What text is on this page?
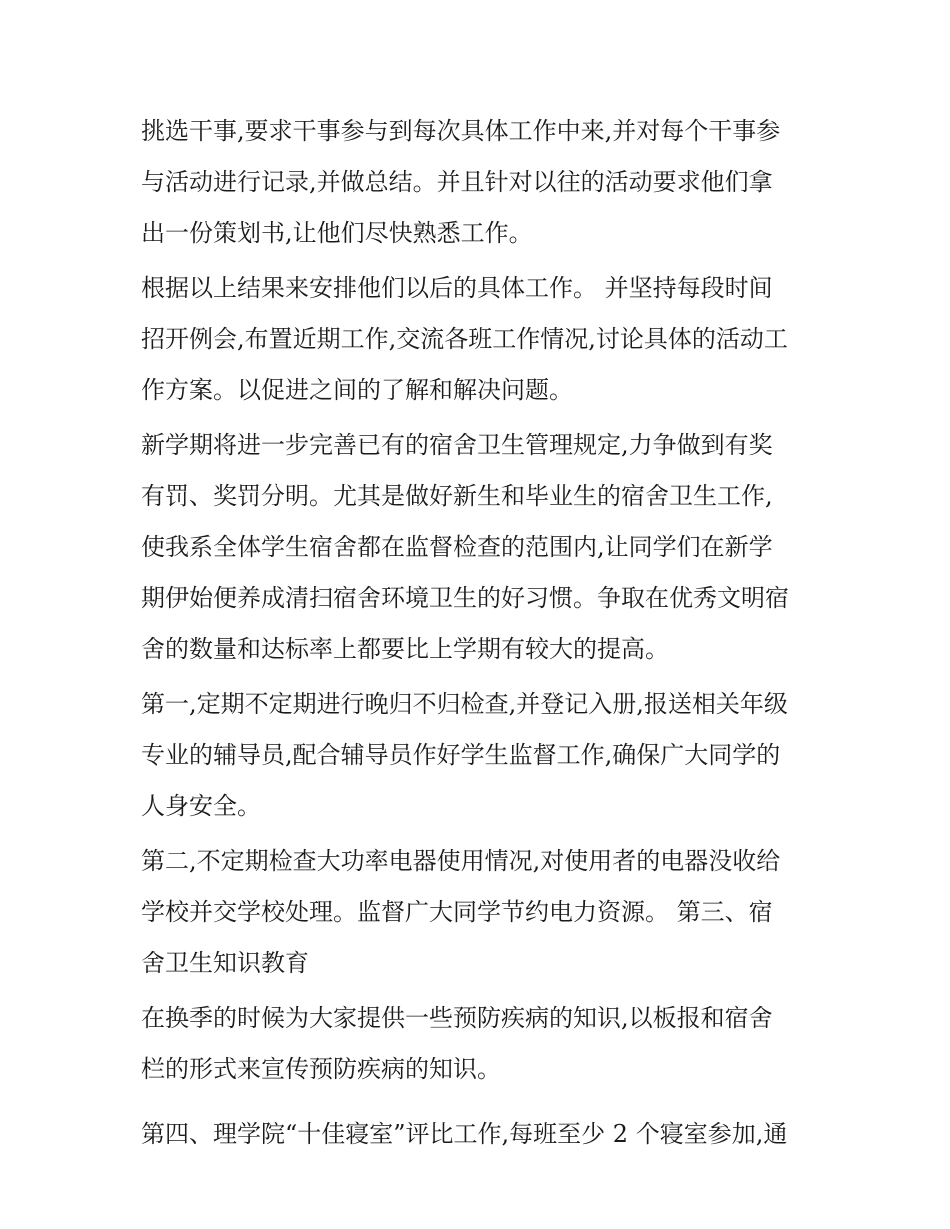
挑选干事,要求干事参与到每次具体工作中来,并对每个干事参
与活动进行记录,并做总结。并且针对以往的活动要求他们拿
出一份策划书,让他们尽快熟悉工作。
根据以上结果来安排他们以后的具体工作。 并坚持每段时间
招开例会,布置近期工作,交流各班工作情况,讨论具体的活动工
作方案。以促进之间的了解和解决问题。
新学期将进一步完善已有的宿舍卫生管理规定,力争做到有奖
有罚、奖罚分明。尤其是做好新生和毕业生的宿舍卫生工作,
使我系全体学生宿舍都在监督检查的范围内,让同学们在新学
期伊始便养成清扫宿舍环境卫生的好习惯。争取在优秀文明宿
舍的数量和达标率上都要比上学期有较大的提高。
第一,定期不定期进行晚归不归检查,并登记入册,报送相关年级
专业的辅导员,配合辅导员作好学生监督工作,确保广大同学的
人身安全。
第二,不定期检查大功率电器使用情况,对使用者的电器没收给
学校并交学校处理。监督广大同学节约电力资源。 第三、宿
舍卫生知识教育
在换季的时候为大家提供一些预防疾病的知识,以板报和宿舍
栏的形式来宣传预防疾病的知识。
第四、理学院“十佳寝室”评比工作,每班至少 2 个寝室参加,通
